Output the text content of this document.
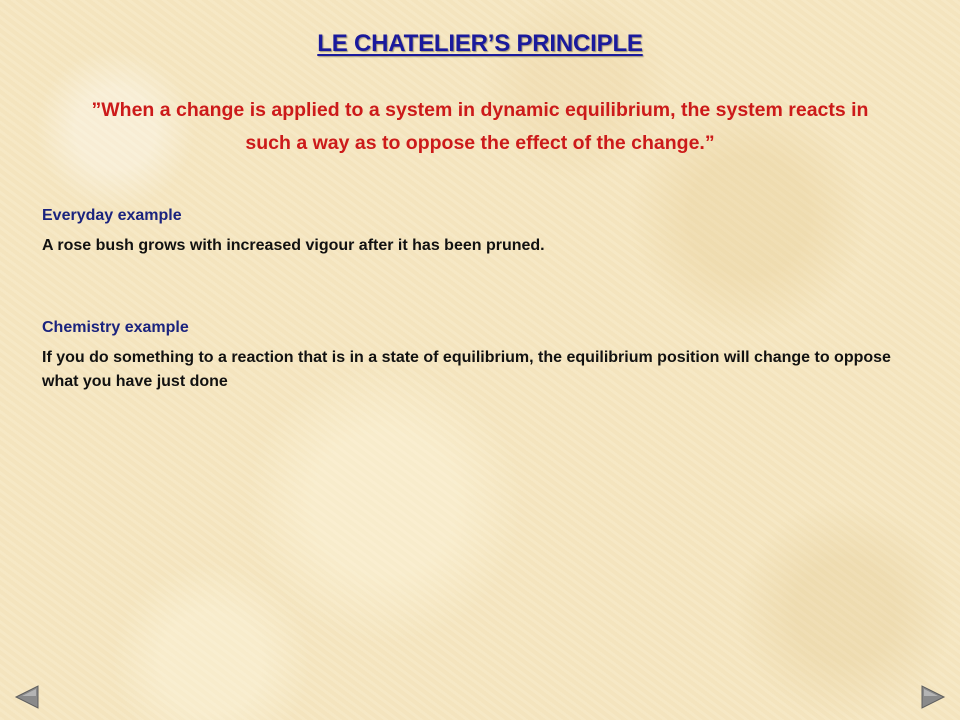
LE CHATELIER’S PRINCIPLE
”When a change is applied to a system in dynamic equilibrium, the system reacts in such a way as to oppose the effect of the change.”
Everyday example
A rose bush grows with increased vigour after it has been pruned.
Chemistry example
If you do something to a reaction that is in a state of equilibrium, the equilibrium position will change to oppose what you have just done
